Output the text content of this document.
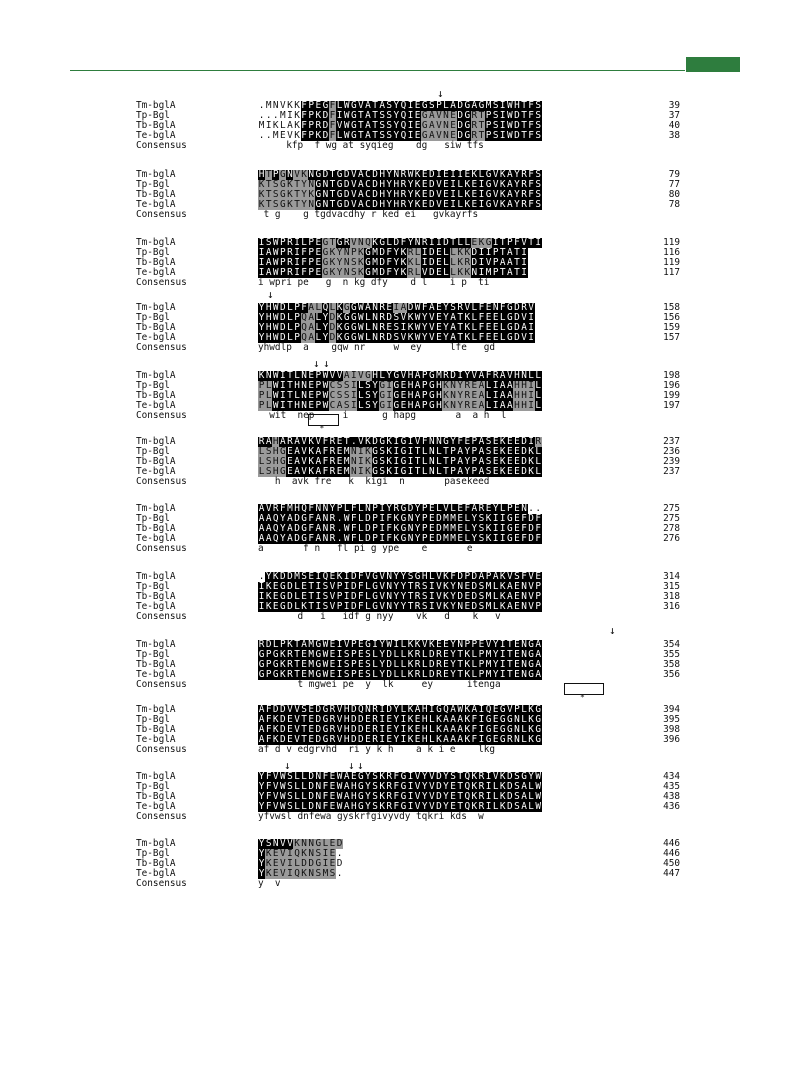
Tm-bglA	.MNVKKFPEGFLWGVATASYQIEGSPLADGAGMSIWHTFS	39
Tp-Bgl	...MIKFPKDFIWGTATSSYQIEGAVNEDGRTPSIWDTFS	37
Tb-BglA	MIKLAKFPRDFVWGTATSSYQIEGAVNEDGRTPSIWDTFS	40
Te-bglA	..MEVKFPKDFLWGTATSSYQIEGAVNEDGRTPSIWDTFS	38
Consensus	kfp  f wg at syqieg    dg   siw tfs
Tm-bglA	HTPGNVKNGDTGDVACDHYNRWKEDIEIIEKLGVKAYRFS	79
Tp-Bgl	KTSGKTYNGNTGDVACDHYHRYKEDVEILKEIGVKAYRFS	77
Tb-BglA	KTSGKTYKGNTGDVACDHYHRYKEDVEILKEIGVKAYRFS	80
Te-bglA	KTSGKTYNGNTGDVACDHYHRYKEDVEILKEIGVKAYRFS	78
Consensus	t g    g tgdvacdhy r ked ei   gvkayrfs
Tm-bglA	ISWPRILPEGTGRVNQKGLDFYNRIIDTLLEKGITPFVTI	119
Tp-Bgl	IAWPRIFPEGKYNPKGMDFYKRLIDELLKKDIIPTATI	116
Tb-BglA	IAWPRIFPEGKYNSKGMDFYKKLIDELLKRDIVPAATI	119
Te-bglA	IAWPRIFPEGKYNSKGMDFYKRLVDELLKKNIMPTATI	117
Consensus	i wpri pe   g  n kg dfy    d l    i p  ti
Tm-bglA	YHWDLPFALQLKGGWANREIADWFAEYSRVLFENFGDRV	158
Tp-Bgl	YHWDLPQALYDKGGWLNRDSVKWYVEYATKLFEELGDVI	156
Tb-BglA	YHWDLPQALYDKGGWLNRESIKWYVEYATKLFEELGDAI	159
Te-bglA	YHWDLPQALYDKGGWLNRDSVKWYVEYATKLFEELGDVI	157
Consensus	yhwdlp  a    gqw nr     w  ey     lfe   gd
Tm-bglA	KNWITLNEPWVVAIVGHLYGVHAPGMRDIYVAFRAVHNLL	198
Tp-Bgl	PLWITHNEPWCSSILSYGIGEHAPGHKNYREALIAAHHIL	196
Tb-BglA	PLWITLNEPWCSSILSYGIGEHAPGHKNYREALIAAHHIL	199
Te-bglA	PLWITHNEPWCASILSYGIGEHAPGHKNYREALIAAHHIL	197
Consensus	wit  nep     i      g hapg       a  a h  l
Tm-bglA	RAHARAVKVFRET.VKDGKIGIVFNNGYFEPASEKEEDIR	237
Tp-Bgl	LSHGEAVKAFREMNIKGSKIGITLNLTPAYPASEKEEDKL	236
Tb-BglA	LSHGEAVKAFREMNIKGSKIGITLNLTPAYPASEKEEDKL	239
Te-bglA	LSHGEAVKAFREMNIKGSKIGITLNLTPAYPASEKEEDKL	237
Consensus	h  avk fre   k  kigi  n       pasekeed
Tm-bglA	AVRFMHQFNNYPLFLNPIYRGDYPELVLEFAREYLPEN..	275
Tp-Bgl	AAQYADGFANR.WFLDPIFKGNYPEDMMELYSKIIGEFDF	275
Tb-BglA	AAQYADGFANR.WFLDPIFKGNYPEDMMELYSKIIGEFDF	278
Te-bglA	AAQYADGFANR.WFLDPIFKGNYPEDMMELYSKIIGEFDF	276
Consensus	a       f n   fl pi g ype    e       e
Tm-bglA	.YKDDMSEIQEKIDFVGVNYYSGHLVKFDPDAPAKVSFVE	314
Tp-Bgl	IKEGDLETISVPIDFLGVNYYTRSIVKYNEDSMLKAENVP	315
Tb-BglA	IKEGDLETISVPIDFLGVNYYTRSIVKYDEDSMLKAENVP	318
Te-bglA	IKEGDLKTISVPIDFLGVNYYTRSIVKYNEDSMLKAENVP	316
Consensus	d   i   idf g nyy    vk   d    k   v
Tm-bglA	RDLPKTAMGWEIVPEGIYWILKKVKEEYNPPEVYITENGA	354
Tp-Bgl	GPGKRTEMGWEISPESLYDLLKRLDREYTKLPMYITENGA	355
Tb-BglA	GPGKRTEMGWEISPESLYDLLKRLDREYTKLPMYITENGA	358
Te-bglA	GPGKRTEMGWEISPESLYDLLKRLDREYTKLPMYITENGA	356
Consensus	t mgwei pe  y  lk     ey      itenga
Tm-bglA	AFDDVVSEDGRVHDQNRIDYLKAHIGQAWKAIQEGVPLKG	394
Tp-Bgl	AFKDEVTEDGRVHDDERIEYIKEHLKAAAKFIGEGGNLKG	395
Tb-BglA	AFKDEVTEDGRVHDDERIEYIKEHLKAAAKFIGEGGNLKG	398
Te-bglA	AFKDEVTEDGRVHDDERIEYIKEHLKAAAKFIGEGRNLKG	396
Consensus	af d v edgrvhd  ri y k h    a k i e    lkg
Tm-bglA	YFVWSLLDNFEWAEGYSKRFGIVYVDYSTQKRIVKDSGYW	434
Tp-Bgl	YFVWSLLDNFEWAHGYSKRFGIVYVDYETQKRILKDSALW	435
Tb-BglA	YFVWSLLDNFEWAHGYSKRFGIVYVDYETQKRILKDSALW	438
Te-bglA	YFVWSLLDNFEWAHGYSKRFGIVYVDYETQKRILKDSALW	436
Consensus	yfvwsl dnfewa gyskrfgivyvdy tqkri kds  w
Tm-bglA	YSNVVKNNGLED	446
Tp-Bgl	YKEVIQKNSIE.	446
Tb-BglA	YKEVILDDGIED	450
Te-bglA	YKEVIQKNSMS.	447
Consensus	y  v
↓
↓
↓ ↓
↓
↓	↓ ↓
*
*
